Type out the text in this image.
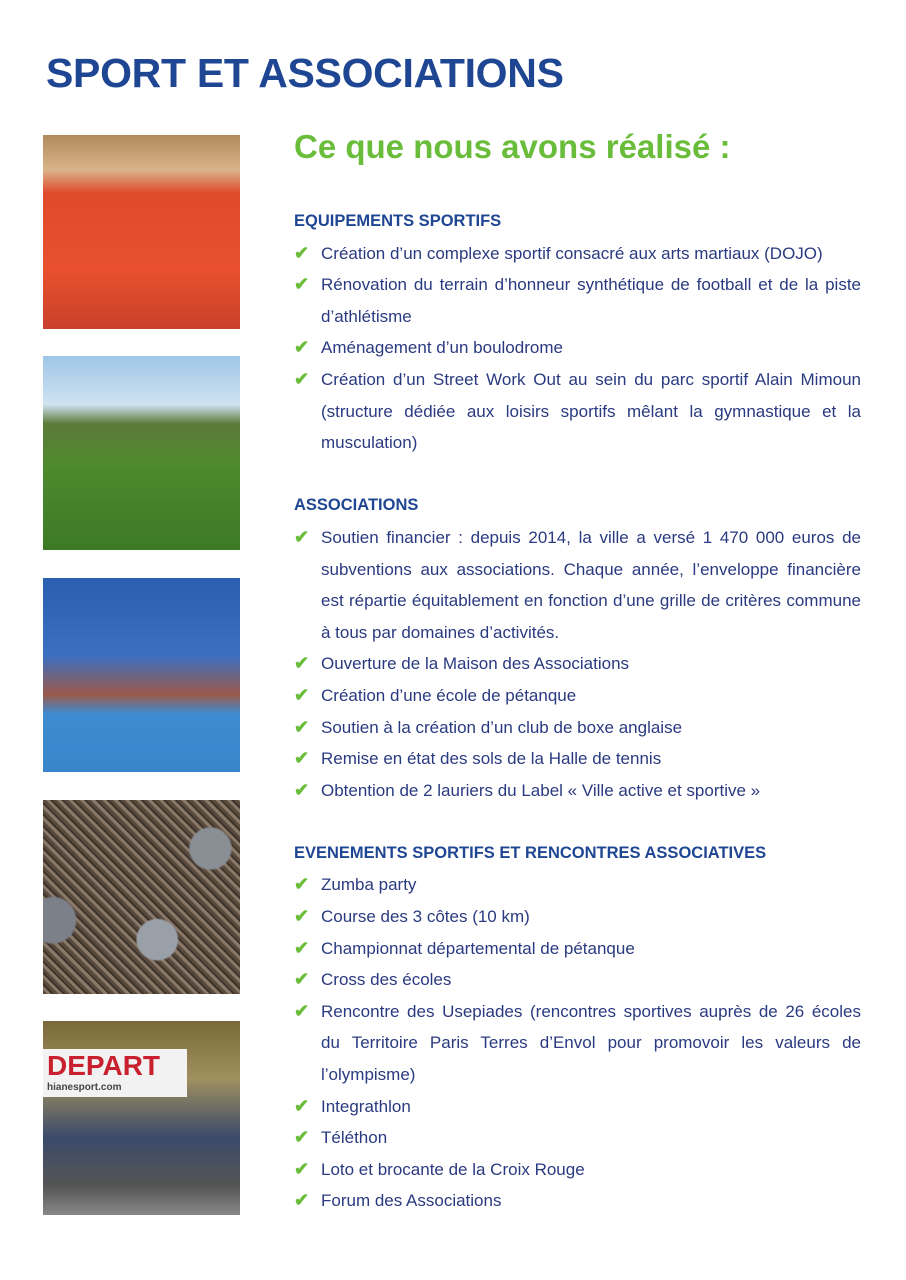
SPORT ET ASSOCIATIONS
DEPART
hianesport.com
Ce que nous avons réalisé :
EQUIPEMENTS SPORTIFS
✔ Création d’un complexe sportif consacré aux arts martiaux (DOJO)
✔ Rénovation du terrain d’honneur synthétique de football et de la piste d’athlétisme
✔ Aménagement d’un boulodrome
✔ Création d’un Street Work Out au sein du parc sportif Alain Mimoun (structure dédiée aux loisirs sportifs mêlant la gymnastique et la musculation)
ASSOCIATIONS
✔ Soutien financier : depuis 2014, la ville a versé 1 470 000 euros de subventions aux associations. Chaque année, l’enveloppe financière est répartie équitablement en fonction d’une grille de critères commune à tous par domaines d’activités.
✔ Ouverture de la Maison des Associations
✔ Création d’une école de pétanque
✔ Soutien à la création d’un club de boxe anglaise
✔ Remise en état des sols de la Halle de tennis
✔ Obtention de 2 lauriers du Label « Ville active et sportive »
EVENEMENTS SPORTIFS ET RENCONTRES ASSOCIATIVES
✔ Zumba party
✔ Course des 3 côtes (10 km)
✔ Championnat départemental de pétanque
✔ Cross des écoles
✔ Rencontre des Usepiades (rencontres sportives auprès de 26 écoles du Territoire Paris Terres d’Envol pour promovoir les valeurs de l’olympisme)
✔ Integrathlon
✔ Téléthon
✔ Loto et brocante de la Croix Rouge
✔ Forum des Associations
